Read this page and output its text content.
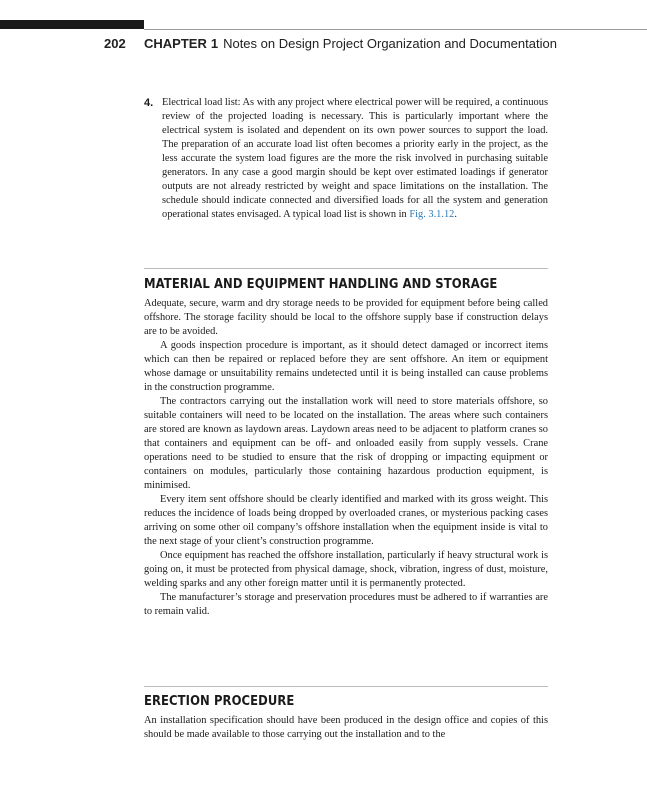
202 CHAPTER 1 Notes on Design Project Organization and Documentation
4. Electrical load list: As with any project where electrical power will be required, a continuous review of the projected loading is necessary. This is particularly important where the electrical system is isolated and dependent on its own power sources to support the load. The preparation of an accurate load list often becomes a priority early in the project, as the less accurate the system load figures are the more the risk involved in purchasing suitable generators. In any case a good margin should be kept over estimated loadings if generator outputs are not already restricted by weight and space limitations on the installation. The schedule should indicate connected and diversified loads for all the system and generation operational states envisaged. A typical load list is shown in Fig. 3.1.12.
MATERIAL AND EQUIPMENT HANDLING AND STORAGE

Adequate, secure, warm and dry storage needs to be provided for equipment before being called offshore. The storage facility should be local to the offshore supply base if construction delays are to be avoided.

A goods inspection procedure is important, as it should detect damaged or incorrect items which can then be repaired or replaced before they are sent offshore. An item or equipment whose damage or unsuitability remains undetected until it is being installed can cause problems in the construction programme.

The contractors carrying out the installation work will need to store materials offshore, so suitable containers will need to be located on the installation. The areas where such containers are stored are known as laydown areas. Laydown areas need to be adjacent to platform cranes so that containers and equipment can be off- and onloaded easily from supply vessels. Crane operations need to be studied to ensure that the risk of dropping or impacting equipment or containers on modules, particularly those containing hazardous production equipment, is minimised.

Every item sent offshore should be clearly identified and marked with its gross weight. This reduces the incidence of loads being dropped by overloaded cranes, or mysterious packing cases arriving on some other oil company’s offshore installation when the equipment inside is vital to the next stage of your client’s construction programme.

Once equipment has reached the offshore installation, particularly if heavy structural work is going on, it must be protected from physical damage, shock, vibration, ingress of dust, moisture, welding sparks and any other foreign matter until it is permanently protected.

The manufacturer’s storage and preservation procedures must be adhered to if warranties are to remain valid.

ERECTION PROCEDURE

An installation specification should have been produced in the design office and copies of this should be made available to those carrying out the installation and to the
